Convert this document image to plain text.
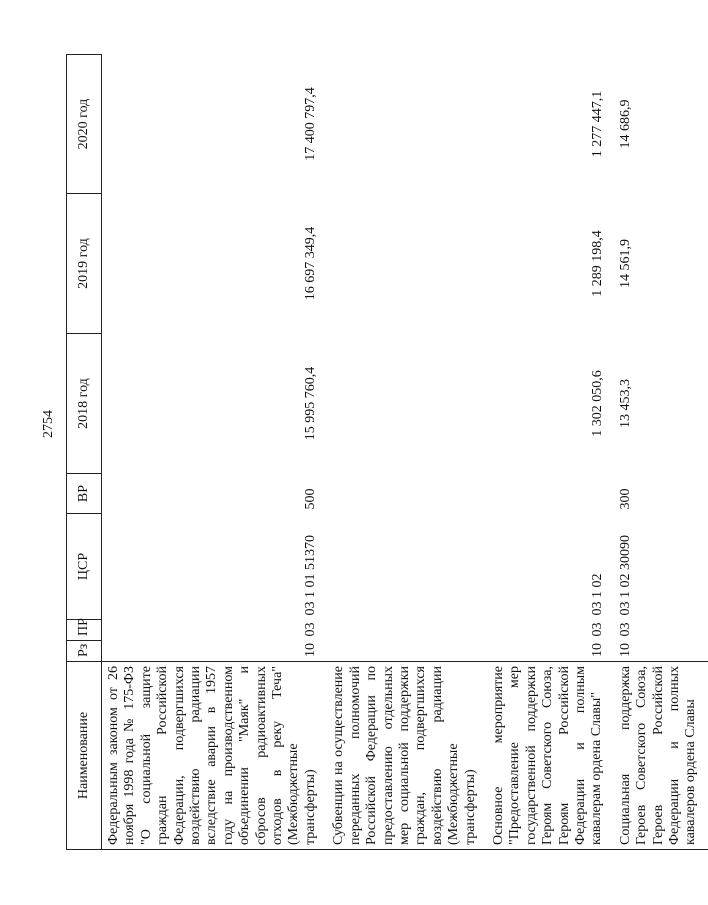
2754
Наименование	Рз	ПР	ЦСР	ВР	2018 год	2019 год	2020 год
Федеральным законом от 26 ноября 1998 года № 175-ФЗ "О социальной защите граждан Российской Федерации, подвергшихся воздействию радиации вследствие аварии в 1957 году на производственном объединении "Маяк" и сбросов радиоактивных отходов в реку Теча" (Межбюджетные трансферты)	10	03	03 1 01 51370	500	15 995 760,4	16 697 349,4	17 400 797,4
Субвенции на осуществление переданных полномочий Российской Федерации по предоставлению отдельных мер социальной поддержки граждан, подвергшихся воздействию радиации (Межбюджетные трансферты)							
Основное мероприятие "Предоставление мер государственной поддержки Героям Советского Союза, Героям Российской Федерации и полным кавалерам ордена Славы"	10	03	03 1 02		1 302 050,6	1 289 198,4	1 277 447,1
Социальная поддержка Героев Советского Союза, Героев Российской Федерации и полных кавалеров ордена Славы	10	03	03 1 02 30090	300	13 453,3	14 561,9	14 686,9
